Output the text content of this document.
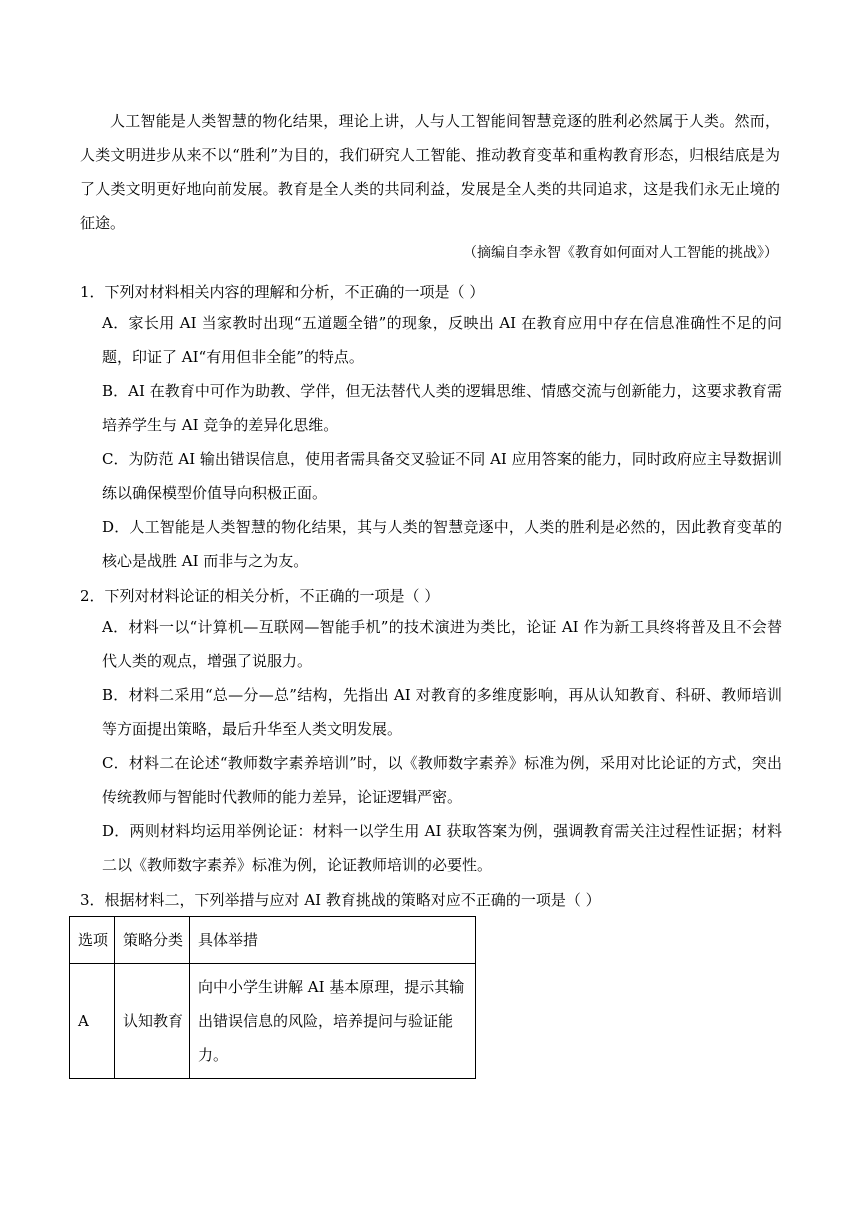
人工智能是人类智慧的物化结果，理论上讲，人与人工智能间智慧竞逐的胜利必然属于人类。然而，人类文明进步从来不以“胜利”为目的，我们研究人工智能、推动教育变革和重构教育形态，归根结底是为了人类文明更好地向前发展。教育是全人类的共同利益，发展是全人类的共同追求，这是我们永无止境的征途。

（摘编自李永智《教育如何面对人工智能的挑战》）
1．下列对材料相关内容的理解和分析，不正确的一项是（ ）

A．家长用 AI 当家教时出现“五道题全错”的现象，反映出 AI 在教育应用中存在信息准确性不足的问题，印证了 AI“有用但非全能”的特点。

B．AI 在教育中可作为助教、学伴，但无法替代人类的逻辑思维、情感交流与创新能力，这要求教育需培养学生与 AI 竞争的差异化思维。

C．为防范 AI 输出错误信息，使用者需具备交叉验证不同 AI 应用答案的能力，同时政府应主导数据训练以确保模型价值导向积极正面。

D．人工智能是人类智慧的物化结果，其与人类的智慧竞逐中，人类的胜利是必然的，因此教育变革的核心是战胜 AI 而非与之为友。

2．下列对材料论证的相关分析，不正确的一项是（ ）

A．材料一以“计算机—互联网—智能手机”的技术演进为类比，论证 AI 作为新工具终将普及且不会替代人类的观点，增强了说服力。

B．材料二采用“总—分—总”结构，先指出 AI 对教育的多维度影响，再从认知教育、科研、教师培训等方面提出策略，最后升华至人类文明发展。

C．材料二在论述“教师数字素养培训”时，以《教师数字素养》标准为例，采用对比论证的方式，突出传统教师与智能时代教师的能力差异，论证逻辑严密。

D．两则材料均运用举例论证：材料一以学生用 AI 获取答案为例，强调教育需关注过程性证据；材料二以《教师数字素养》标准为例，论证教师培训的必要性。

3．根据材料二，下列举措与应对 AI 教育挑战的策略对应不正确的一项是（ ）
选项	策略分类	具体举措
A	认知教育	向中小学生讲解 AI 基本原理，提示其输出错误信息的风险，培养提问与验证能力。
